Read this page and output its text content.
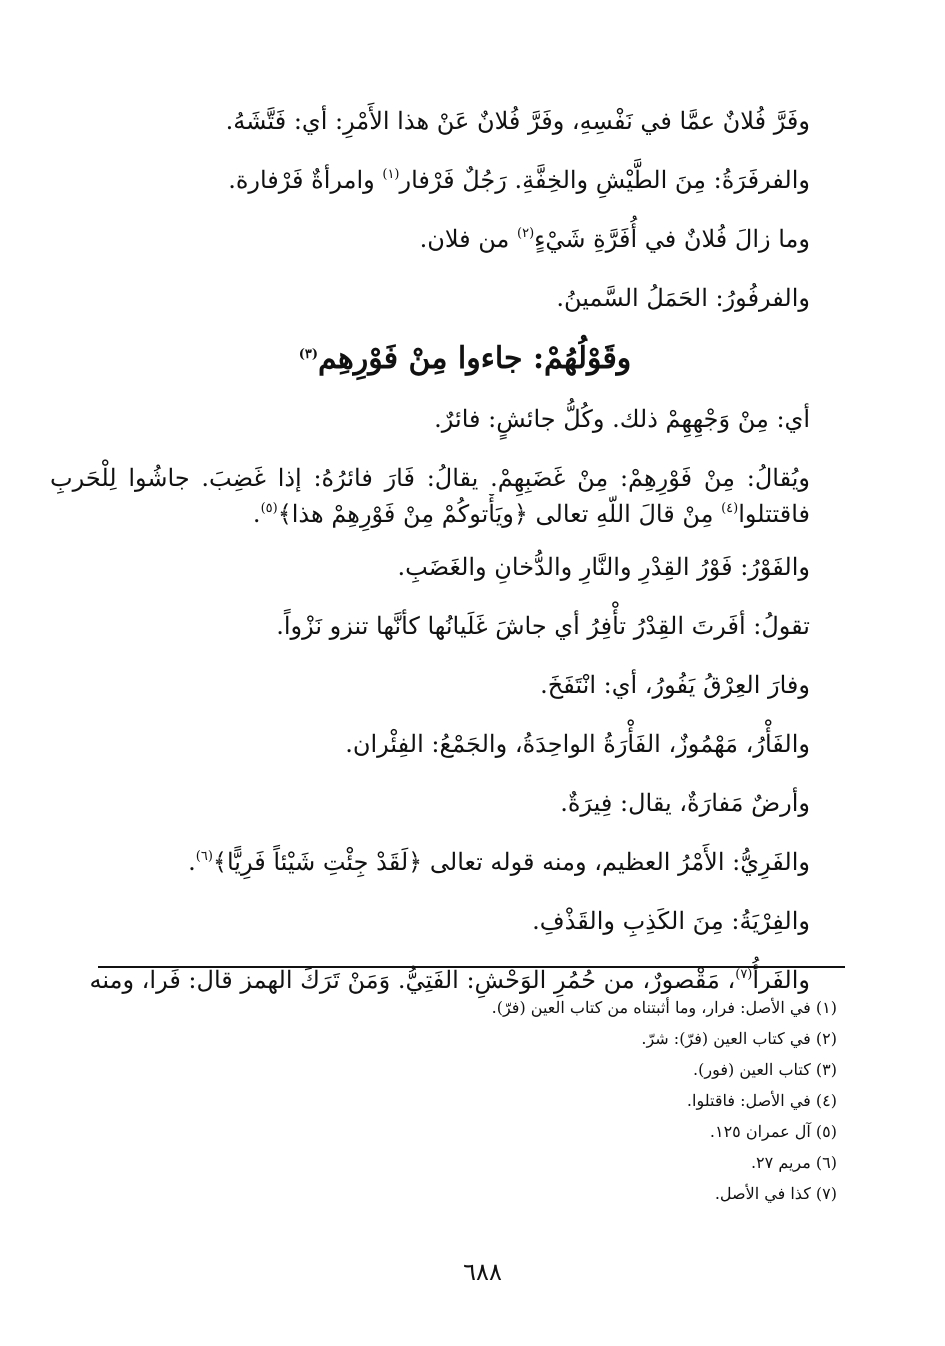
وفَرَّ فُلانٌ عمَّا في نَفْسِهِ، وفَرَّ فُلانٌ عَنْ هذا الأَمْرِ: أي: فَتَّشَهُ.
والفرفَرَةُ: مِنَ الطَّيْشِ والخِفَّةِ. رَجُلٌ فَرْفار$^{(١)}$ وامرأةٌ فَرْفارة.
وما زالَ فُلانٌ في أُفَرَّةِ شَيْءٍ$^{(٢)}$ من فلان.
والفرفُورُ: الحَمَلُ السَّمينُ.
وقَوْلُهُمْ: جاءوا مِنْ فَوْرِهِم$^{(٣)}$
أي: مِنْ وَجْهِهِمْ ذلك. وكُلُّ جائشٍ: فائرٌ.
ويُقالُ: مِنْ فَوْرِهِمْ: مِنْ غَضَبِهِمْ. يقالُ: فَارَ فائرُهُ: إذا غَضِبَ. جاشُوا لِلْحَربِ
فاقتتلوا$^{(٤)}$ مِنْ قالَ اللّهِ تعالى ﴿ويَأْتوكُمْ مِنْ فَوْرِهِمْ هذا﴾$^{(٥)}$.
والفَوْرُ: فَوْرُ القِدْرِ والنَّارِ والدُّخانِ والغَضَبِ.
تقولُ: أفَرتَ القِدْرُ تأْفِرُ أي جاشَ غَلَيانُها كأنَّها تنزو نَزْواً.
وفارَ العِرْقُ يَفُورُ، أي: انْتَفَخَ.
والفَأْرُ، مَهْمُوزٌ، الفَأْرَةُ الواحِدَةُ، والجَمْعُ: الفِئْران.
وأرضٌ مَفارَةٌ، يقال: فِيرَةٌ.
والفَرِيُّ: الأَمْرُ العظيم، ومنه قوله تعالى ﴿لَقَدْ جِئْتِ شَيْئاً فَرِيًّا﴾$^{(٦)}$.
والفِرْيَةُ: مِنَ الكَذِبِ والقَذْفِ.
والفَرأُ$^{(٧)}$، مَقْصورٌ، من حُمُرِ الوَحْشِ: الفَتِيُّ. وَمَنْ تَرَكَ الهمز قال: فَرا، ومنه
(١) في الأصل: فرار، وما أثبتناه من كتاب العين (فرّ).
(٢) في كتاب العين (فرّ): شرّ.
(٣) كتاب العين (فور).
(٤) في الأصل: فاقتلوا.
(٥) آل عمران ١٢٥.
(٦) مريم ٢٧.
(٧) كذا في الأصل.
٦٨٨
